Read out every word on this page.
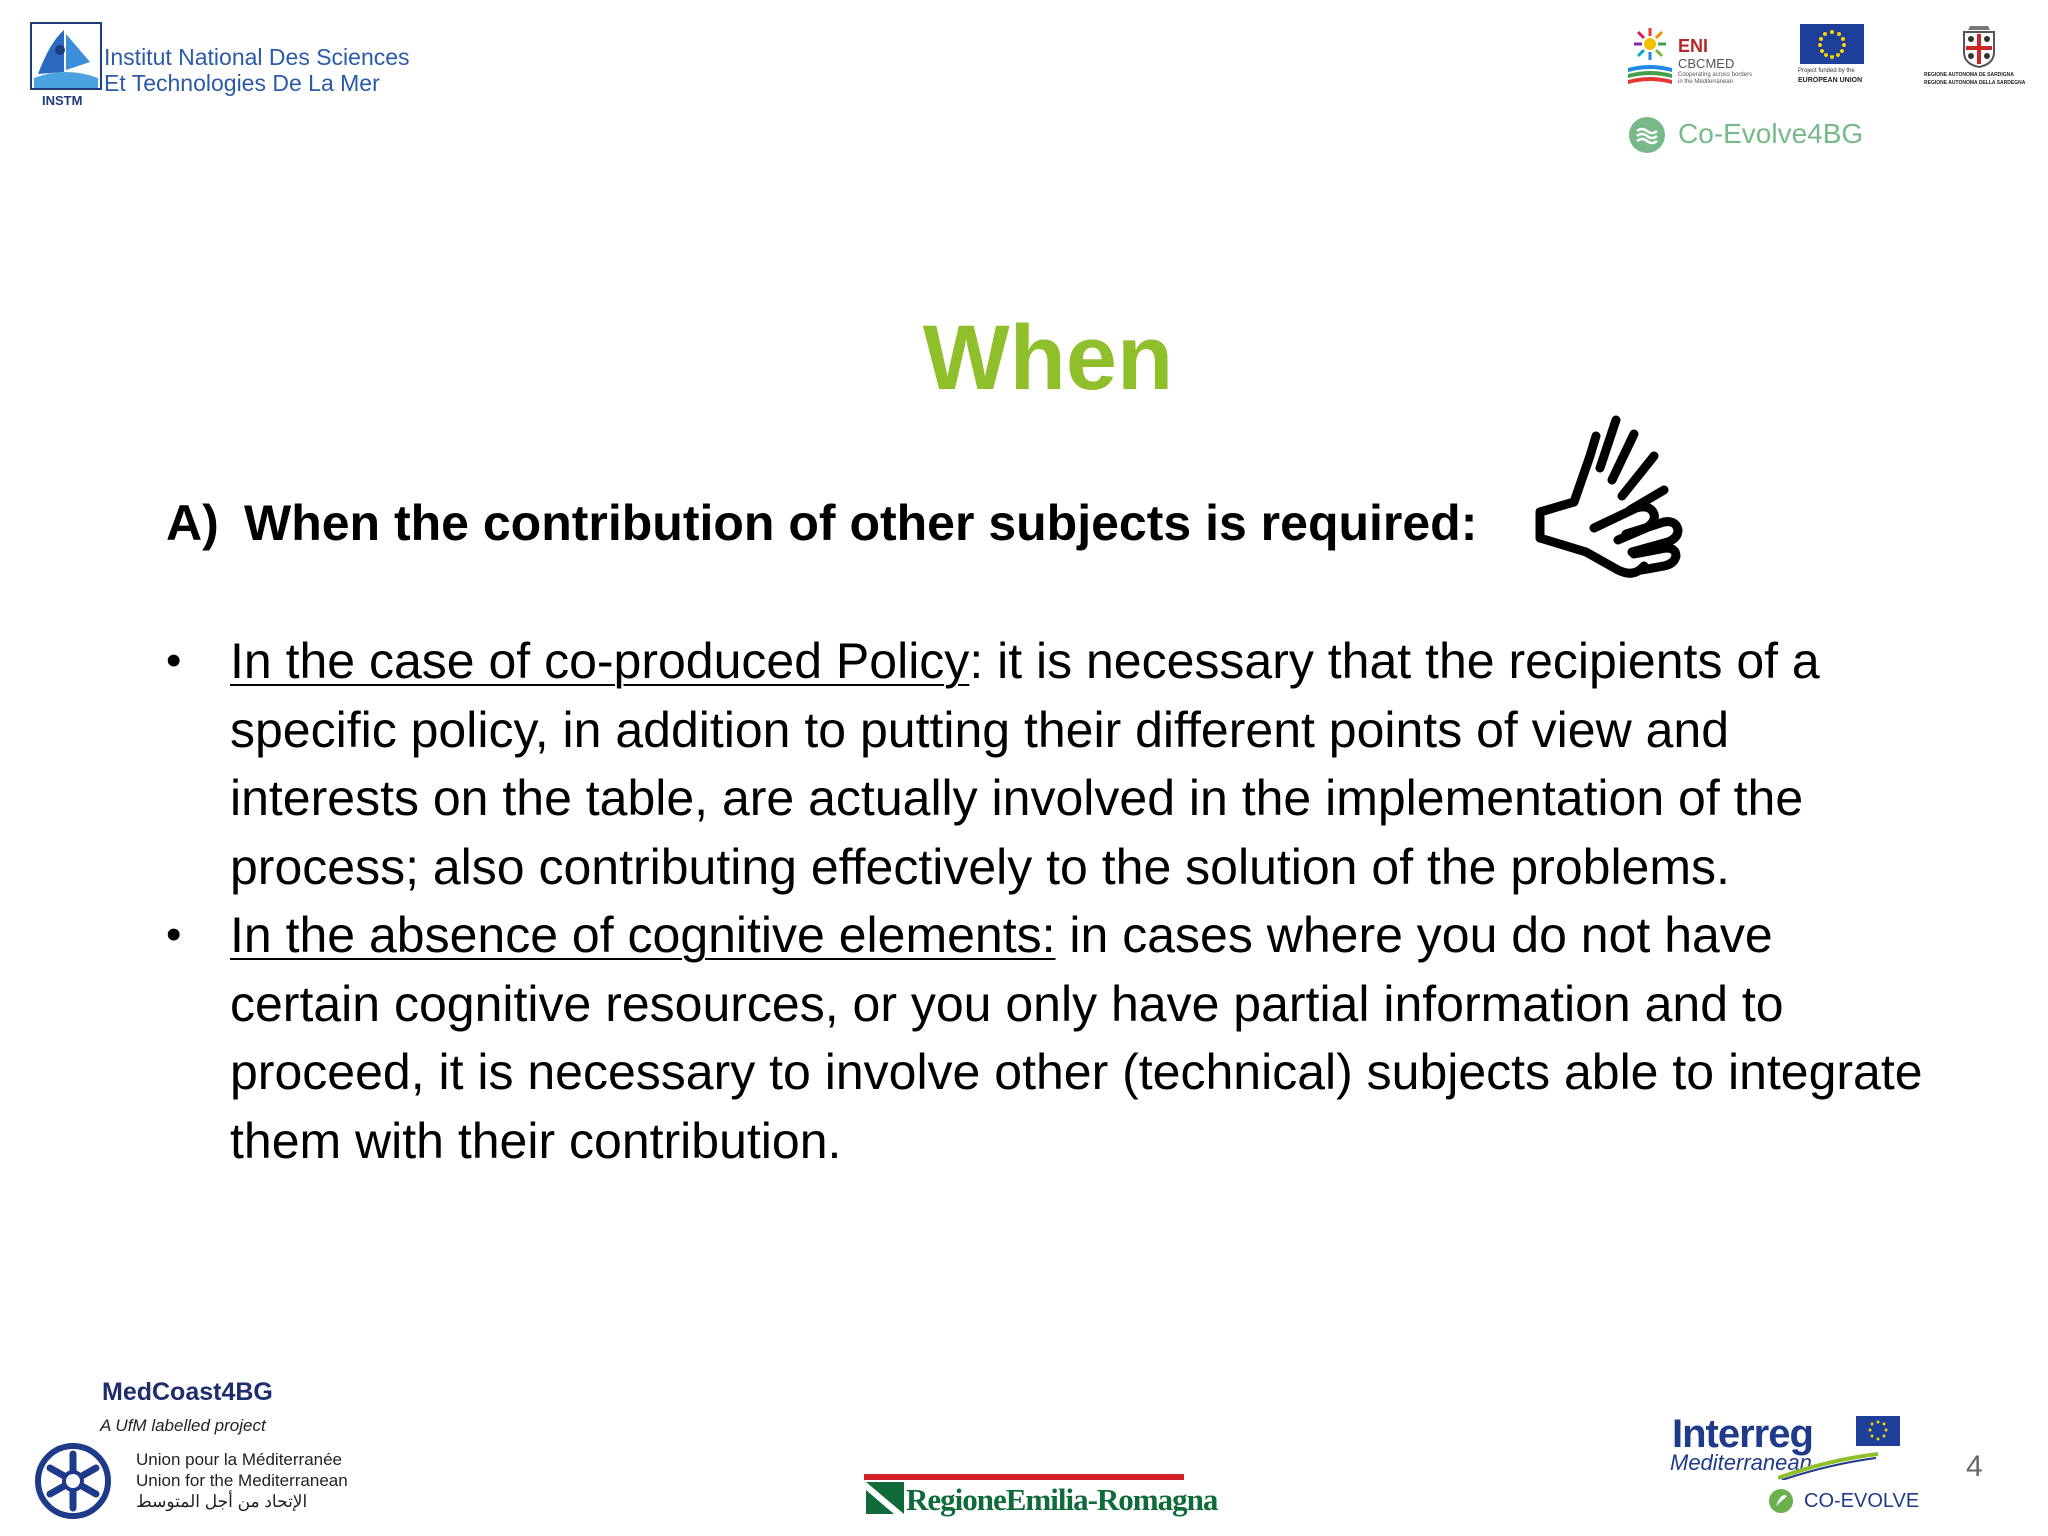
Institut National Des Sciences
Et Technologies De La Mer
INSTM
ENI
CBCMED
Cooperating across borders in the Mediterranean
Project funded by the
EUROPEAN UNION
REGIONE AUTONOMA DE SARDIGNA
REGIONE AUTONOMA DELLA SARDEGNA
Co-Evolve4BG
When
A) When the contribution of other subjects is required:
• In the case of co-produced Policy: it is necessary that the recipients of a specific policy, in addition to putting their different points of view and interests on the table, are actually involved in the implementation of the process; also contributing effectively to the solution of the problems.
• In the absence of cognitive elements: in cases where you do not have certain cognitive resources, or you only have partial information and to proceed, it is necessary to involve other (technical) subjects able to integrate them with their contribution.
MedCoast4BG
A UfM labelled project
Union pour la Méditerranée
Union for the Mediterranean
الإتحاد من أجل المتوسط	RegioneEmilia-Romagna
Interreg
Mediterranean
CO-EVOLVE
4
